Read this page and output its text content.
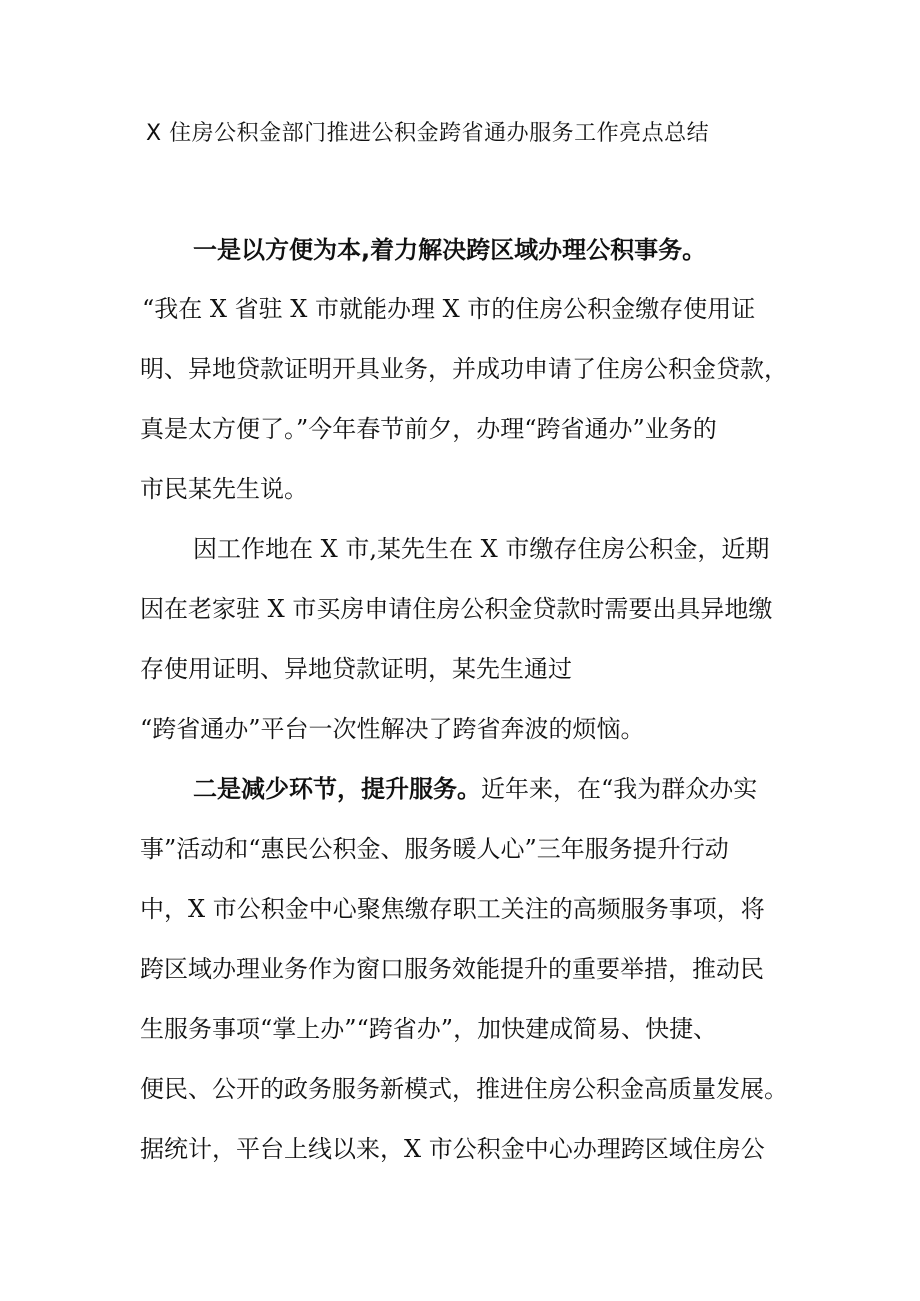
X 住房公积金部门推进公积金跨省通办服务工作亮点总结
一是以方便为本,着力解决跨区域办理公积事务。
“我在 X 省驻 X 市就能办理 X 市的住房公积金缴存使用证
明、异地贷款证明开具业务，并成功申请了住房公积金贷款，
真是太方便了。”今年春节前夕，办理“跨省通办”业务的
市民某先生说。
因工作地在 X 市,某先生在 X 市缴存住房公积金，近期
因在老家驻 X 市买房申请住房公积金贷款时需要出具异地缴
存使用证明、异地贷款证明，某先生通过
“跨省通办”平台一次性解决了跨省奔波的烦恼。
二是减少环节，提升服务。近年来，在“我为群众办实
事”活动和“惠民公积金、服务暖人心”三年服务提升行动
中，X 市公积金中心聚焦缴存职工关注的高频服务事项，将
跨区域办理业务作为窗口服务效能提升的重要举措，推动民
生服务事项“掌上办”“跨省办”，加快建成简易、快捷、
便民、公开的政务服务新模式，推进住房公积金高质量发展。
据统计，平台上线以来，X 市公积金中心办理跨区域住房公
